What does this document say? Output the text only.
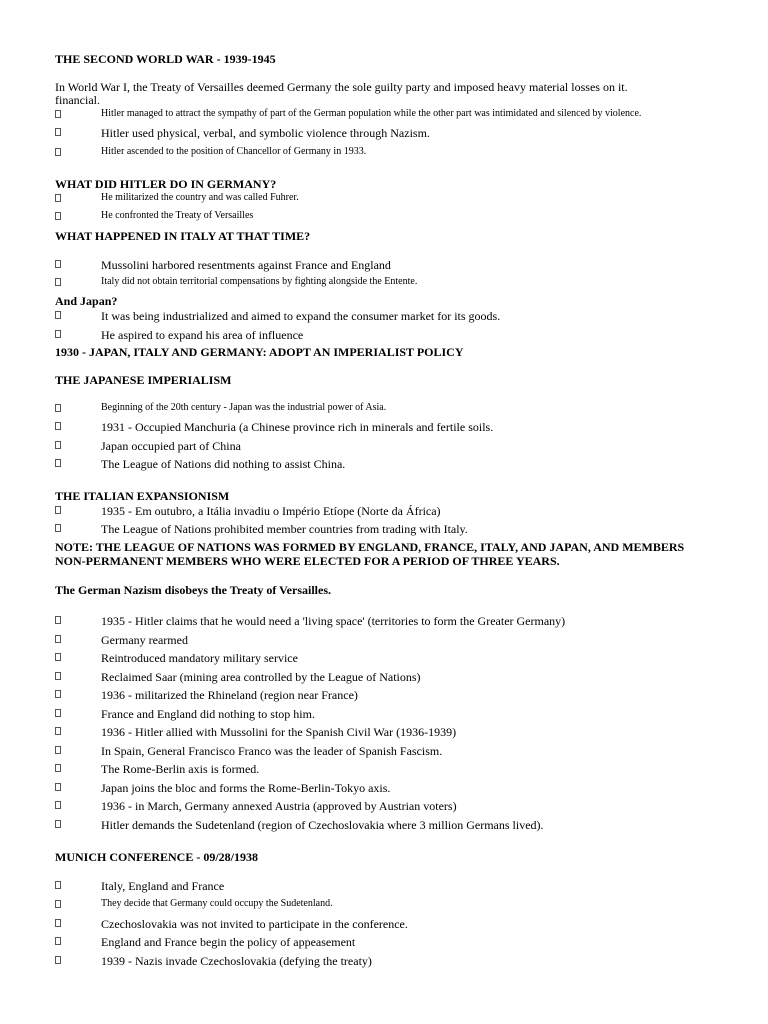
THE SECOND WORLD WAR - 1939-1945
In World War I, the Treaty of Versailles deemed Germany the sole guilty party and imposed heavy material losses on it.
financial.
Hitler managed to attract the sympathy of part of the German population while the other part was intimidated and silenced by violence.
Hitler used physical, verbal, and symbolic violence through Nazism.
Hitler ascended to the position of Chancellor of Germany in 1933.
WHAT DID HITLER DO IN GERMANY?
He militarized the country and was called Fuhrer.
He confronted the Treaty of Versailles
WHAT HAPPENED IN ITALY AT THAT TIME?
Mussolini harbored resentments against France and England
Italy did not obtain territorial compensations by fighting alongside the Entente.
And Japan?
It was being industrialized and aimed to expand the consumer market for its goods.
He aspired to expand his area of influence
1930 - JAPAN, ITALY AND GERMANY: ADOPT AN IMPERIALIST POLICY
THE JAPANESE IMPERIALISM
Beginning of the 20th century - Japan was the industrial power of Asia.
1931 - Occupied Manchuria (a Chinese province rich in minerals and fertile soils.
Japan occupied part of China
The League of Nations did nothing to assist China.
THE ITALIAN EXPANSIONISM
1935 - Em outubro, a Itália invadiu o Império Etíope (Norte da África)
The League of Nations prohibited member countries from trading with Italy.
NOTE: THE LEAGUE OF NATIONS WAS FORMED BY ENGLAND, FRANCE, ITALY, AND JAPAN, AND MEMBERS
NON-PERMANENT MEMBERS WHO WERE ELECTED FOR A PERIOD OF THREE YEARS.
The German Nazism disobeys the Treaty of Versailles.
1935 - Hitler claims that he would need a 'living space' (territories to form the Greater Germany)
Germany rearmed
Reintroduced mandatory military service
Reclaimed Saar (mining area controlled by the League of Nations)
1936 - militarized the Rhineland (region near France)
France and England did nothing to stop him.
1936 - Hitler allied with Mussolini for the Spanish Civil War (1936-1939)
In Spain, General Francisco Franco was the leader of Spanish Fascism.
The Rome-Berlin axis is formed.
Japan joins the bloc and forms the Rome-Berlin-Tokyo axis.
1936 - in March, Germany annexed Austria (approved by Austrian voters)
Hitler demands the Sudetenland (region of Czechoslovakia where 3 million Germans lived).
MUNICH CONFERENCE - 09/28/1938
Italy, England and France
They decide that Germany could occupy the Sudetenland.
Czechoslovakia was not invited to participate in the conference.
England and France begin the policy of appeasement
1939 - Nazis invade Czechoslovakia (defying the treaty)
